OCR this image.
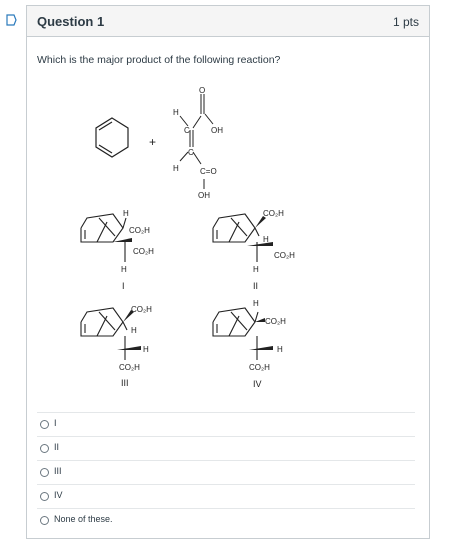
Question 1	1 pts
Which is the major product of the following reaction?
+
O
H
C	OH
C
H	C=O
OH
H
CO₂H
CO₂H
H
I
CO₂H
H
CO₂H
H
II
CO₂H
H
H
CO₂H
III
H
CO₂H
H
CO₂H
IV
I
II
III
IV
None of these.
